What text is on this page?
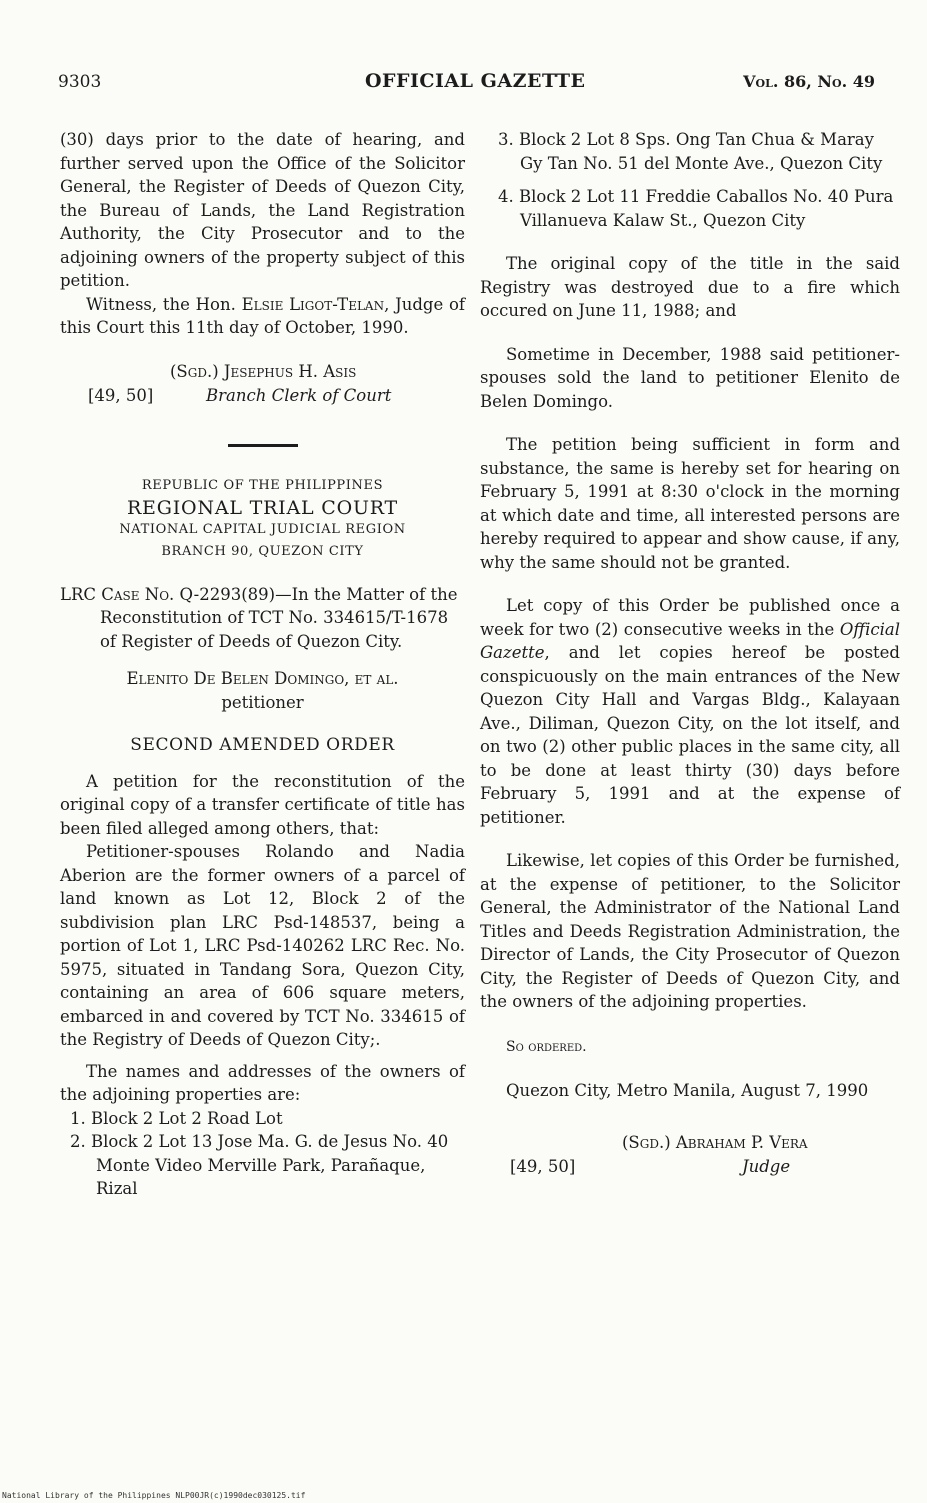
9303	OFFICIAL GAZETTE	Vol. 86, No. 49

(30) days prior to the date of hearing, and further served upon the Office of the Solicitor General, the Register of Deeds of Quezon City, the Bureau of Lands, the Land Registration Authority, the City Prosecutor and to the adjoining owners of the property subject of this petition.

Witness, the Hon. Elsie Ligot-Telan, Judge of this Court this 11th day of October, 1990.

(Sgd.) Jesephus H. Asis
[49, 50]	Branch Clerk of Court
REPUBLIC OF THE PHILIPPINES
REGIONAL TRIAL COURT
NATIONAL CAPITAL JUDICIAL REGION
BRANCH 90, QUEZON CITY

LRC Case No. Q-2293(89)—In the Matter of the Reconstitution of TCT No. 334615/T-1678 of Register of Deeds of Quezon City.

Elenito De Belen Domingo, et al.
petitioner
SECOND AMENDED ORDER

A petition for the reconstitution of the original copy of a transfer certificate of title has been filed alleged among others, that:

Petitioner-spouses Rolando and Nadia Aberion are the former owners of a parcel of land known as Lot 12, Block 2 of the subdivision plan LRC Psd-148537, being a portion of Lot 1, LRC Psd-140262 LRC Rec. No. 5975, situated in Tandang Sora, Quezon City, containing an area of 606 square meters, embarced in and covered by TCT No. 334615 of the Registry of Deeds of Quezon City;.

The names and addresses of the owners of the adjoining properties are:

1. Block 2 Lot 2 Road Lot
2. Block 2 Lot 13 Jose Ma. G. de Jesus No. 40 Monte Video Merville Park, Parañaque, Rizal
3. Block 2 Lot 8 Sps. Ong Tan Chua & Maray Gy Tan No. 51 del Monte Ave., Quezon City
4. Block 2 Lot 11 Freddie Caballos No. 40 Pura Villanueva Kalaw St., Quezon City

The original copy of the title in the said Registry was destroyed due to a fire which occured on June 11, 1988; and

Sometime in December, 1988 said petitioner-spouses sold the land to petitioner Elenito de Belen Domingo.

The petition being sufficient in form and substance, the same is hereby set for hearing on February 5, 1991 at 8:30 o'clock in the morning at which date and time, all interested persons are hereby required to appear and show cause, if any, why the same should not be granted.

Let copy of this Order be published once a week for two (2) consecutive weeks in the Official Gazette, and let copies hereof be posted conspicuously on the main entrances of the New Quezon City Hall and Vargas Bldg., Kalayaan Ave., Diliman, Quezon City, on the lot itself, and on two (2) other public places in the same city, all to be done at least thirty (30) days before February 5, 1991 and at the expense of petitioner.

Likewise, let copies of this Order be furnished, at the expense of petitioner, to the Solicitor General, the Administrator of the National Land Titles and Deeds Registration Administration, the Director of Lands, the City Prosecutor of Quezon City, the Register of Deeds of Quezon City, and the owners of the adjoining properties.

So ordered.

Quezon City, Metro Manila, August 7, 1990

(Sgd.) Abraham P. Vera
[49, 50]	Judge
National Library of the Philippines NLP00JR(c)1990dec030125.tif
